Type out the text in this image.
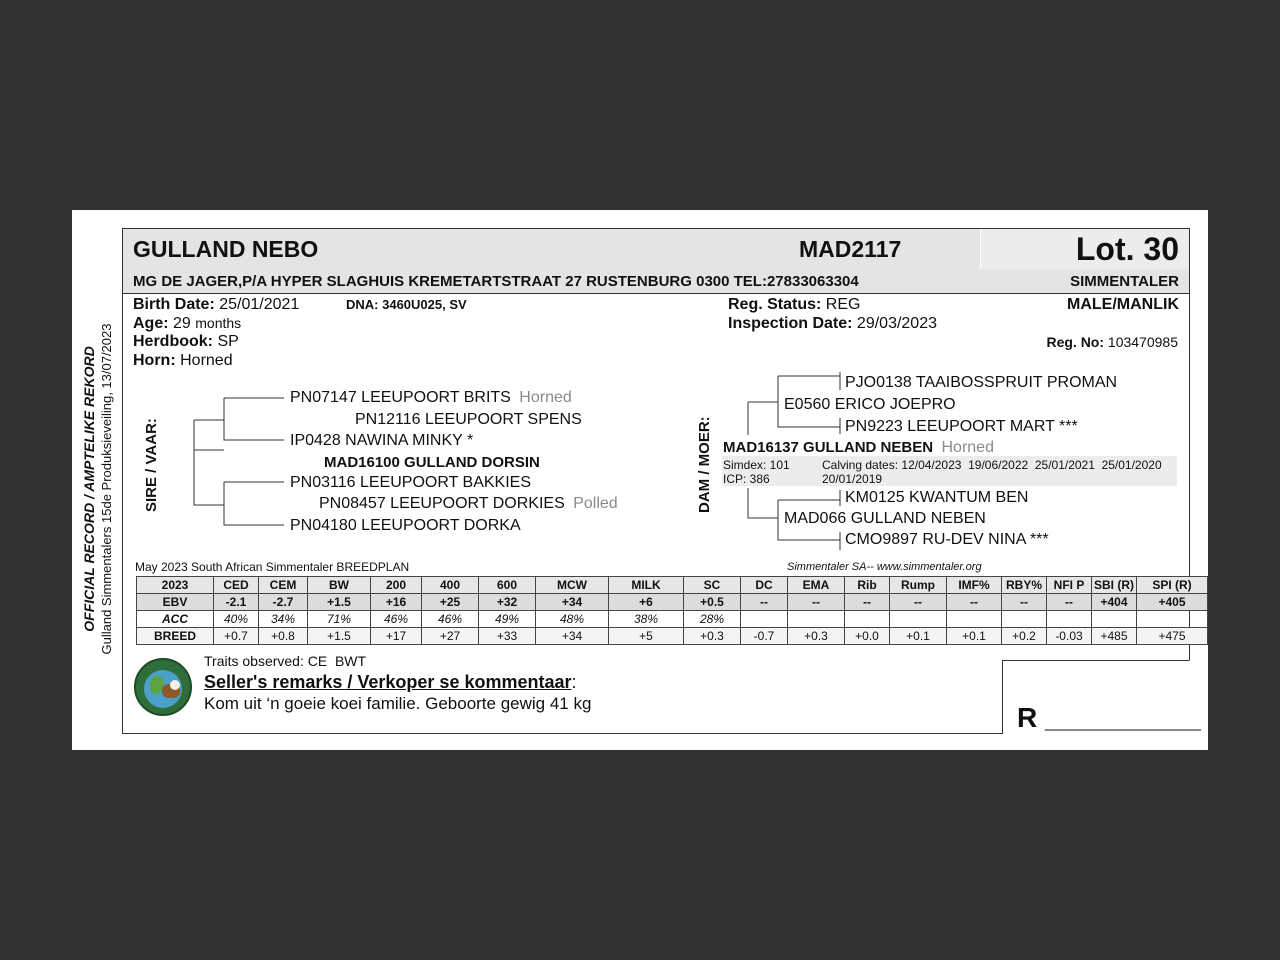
OFFICIAL RECORD / AMPTELIKE REKORD Gulland Simmentalers 15de Produksieveiling, 13/07/2023
GULLAND NEBO	MAD2117	Lot. 30
MG DE JAGER,P/A HYPER SLAGHUIS KREMETARTSTRAAT 27 RUSTENBURG 0300 TEL:27833063304	SIMMENTALER
Birth Date: 25/01/2021	DNA: 3460U025, SV
Age: 29 months
Herdbook: SP
Horn: Horned
Reg. Status: REG
Inspection Date: 29/03/2023
MALE/MANLIK
Reg. No: 103470985
SIRE / VAAR:
PN07147 LEEUPOORT BRITS Horned
PN12116 LEEUPOORT SPENS
IP0428 NAWINA MINKY *
MAD16100 GULLAND DORSIN
PN03116 LEEUPOORT BAKKIES
PN08457 LEEUPOORT DORKIES Polled
PN04180 LEEUPOORT DORKA
DAM / MOER:
PJO0138 TAAIBOSSPRUIT PROMAN
E0560 ERICO JOEPRO
PN9223 LEEUPOORT MART ***
MAD16137 GULLAND NEBEN Horned
Simdex: 101
ICP: 386
Calving dates: 12/04/2023  19/06/2022  25/01/2021  25/01/2020
20/01/2019
KM0125 KWANTUM BEN
MAD066 GULLAND NEBEN
CMO9897 RU-DEV NINA ***
May 2023 South African Simmentaler BREEDPLAN	Simmentaler SA-- www.simmentaler.org
2023	CED	CEM	BW	200	400	600	MCW	MILK	SC	DC	EMA	Rib	Rump	IMF%	RBY%	NFI P	SBI (R)	SPI (R)
EBV	-2.1	-2.7	+1.5	+16	+25	+32	+34	+6	+0.5	--	--	--	--	--	--	--	+404	+405
ACC	40%	34%	71%	46%	46%	49%	48%	38%	28%									
BREED	+0.7	+0.8	+1.5	+17	+27	+33	+34	+5	+0.3	-0.7	+0.3	+0.0	+0.1	+0.1	+0.2	-0.03	+485	+475
Traits observed: CE  BWT
Seller's remarks / Verkoper se kommentaar:
Kom uit ‘n goeie koei familie. Geboorte gewig 41 kg	R __________
